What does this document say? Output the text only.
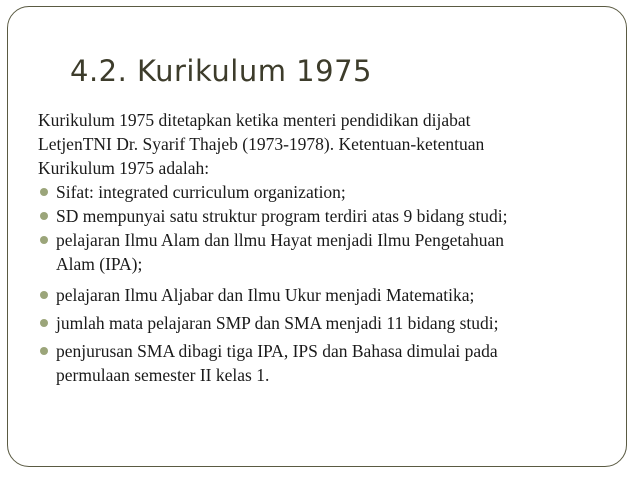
4.2. Kurikulum 1975
Kurikulum 1975 ditetapkan ketika menteri pendidikan dijabat
LetjenTNI Dr. Syarif Thajeb (1973-1978). Ketentuan-ketentuan
Kurikulum 1975 adalah:
Sifat: integrated curriculum organization;
SD mempunyai satu struktur program terdiri atas 9 bidang studi;
pelajaran Ilmu Alam dan llmu Hayat menjadi Ilmu Pengetahuan
Alam (IPA);
pelajaran Ilmu Aljabar dan Ilmu Ukur menjadi Matematika;
jumlah mata pelajaran SMP dan SMA menjadi 11 bidang studi;
penjurusan SMA dibagi tiga IPA, IPS dan Bahasa dimulai pada
permulaan semester II kelas 1.
